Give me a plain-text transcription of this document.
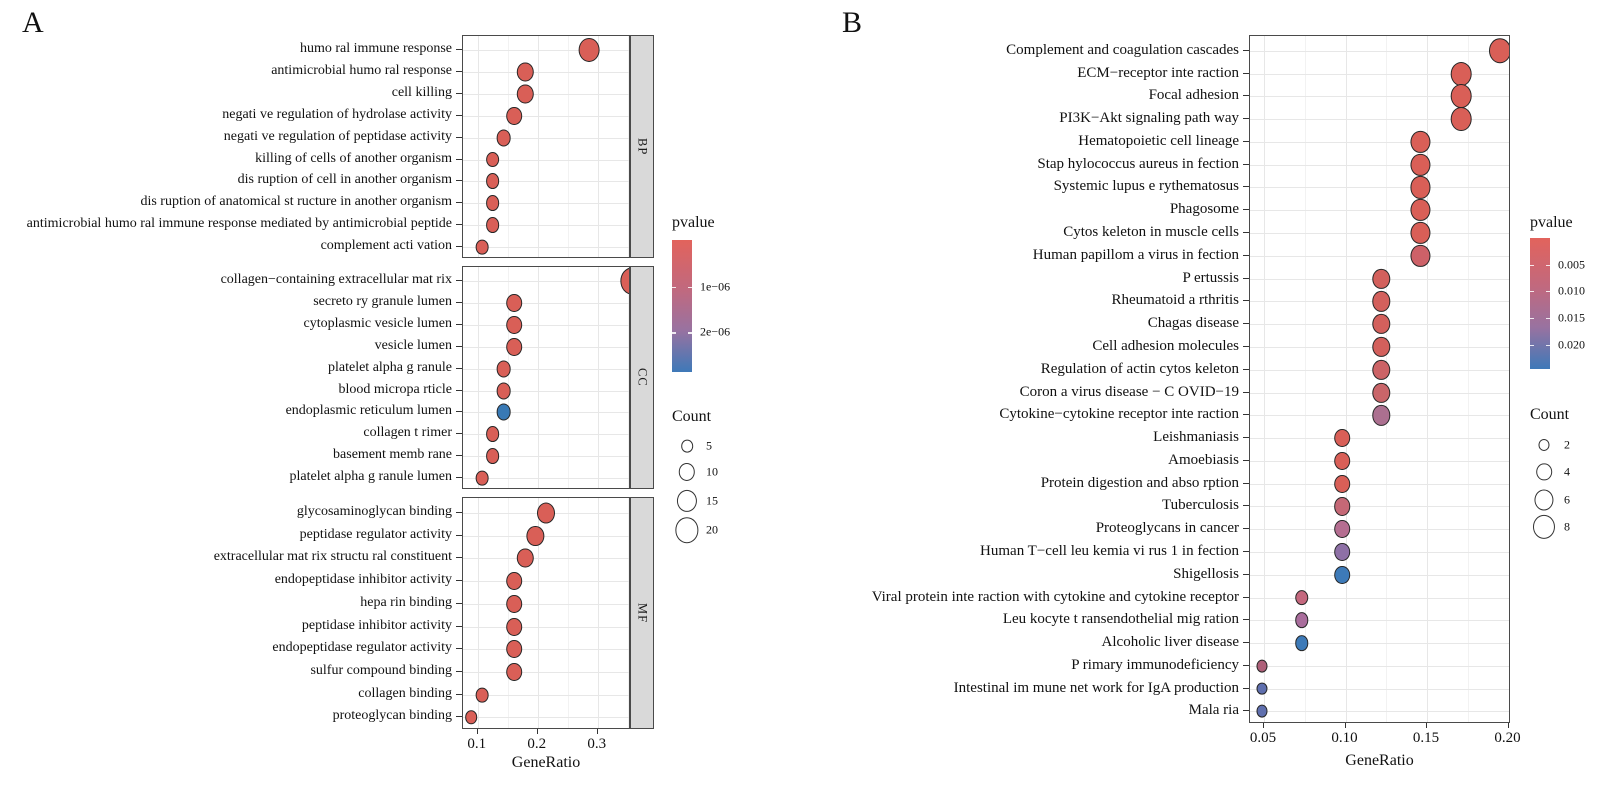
A	B
humo ral immune response
antimicrobial humo ral response
cell killing
negati ve regulation of hydrolase activity
negati ve regulation of peptidase activity
killing of cells of another organism
dis ruption of cell in another organism
dis ruption of anatomical st ructure in another organism
antimicrobial humo ral immune response mediated by antimicrobial peptide
complement acti vation
BP
collagen−containing extracellular mat rix
secreto ry granule lumen
cytoplasmic vesicle lumen
vesicle lumen
platelet alpha g ranule
blood micropa rticle
endoplasmic reticulum lumen
collagen t rimer
basement memb rane
platelet alpha g ranule lumen
CC
glycosaminoglycan binding
peptidase regulator activity
extracellular mat rix structu ral constituent
endopeptidase inhibitor activity
hepa rin binding
peptidase inhibitor activity
endopeptidase regulator activity
sulfur compound binding
collagen binding
proteoglycan binding
MF
0.1	0.2	0.3
GeneRatio
pvalue
1e−06
2e−06
Count
5
10
15
20
Complement and coagulation cascades
ECM−receptor inte raction
Focal adhesion
PI3K−Akt signaling path way
Hematopoietic cell lineage
Stap hylococcus aureus in fection
Systemic lupus e rythematosus
Phagosome
Cytos keleton in muscle cells
Human papillom a virus in fection
P ertussis
Rheumatoid a rthritis
Chagas disease
Cell adhesion molecules
Regulation of actin cytos keleton
Coron a virus disease − C OVID−19
Cytokine−cytokine receptor inte raction
Leishmaniasis
Amoebiasis
Protein digestion and abso rption
Tuberculosis
Proteoglycans in cancer
Human T−cell leu kemia vi rus 1 in fection
Shigellosis
Viral protein inte raction with cytokine and cytokine receptor
Leu kocyte t ransendothelial mig ration
Alcoholic liver disease
P rimary immunodeficiency
Intestinal im mune net work for IgA production
Mala ria
0.05	0.10	0.15	0.20
GeneRatio
pvalue
0.005
0.010
0.015
0.020
Count
2
4
6
8
